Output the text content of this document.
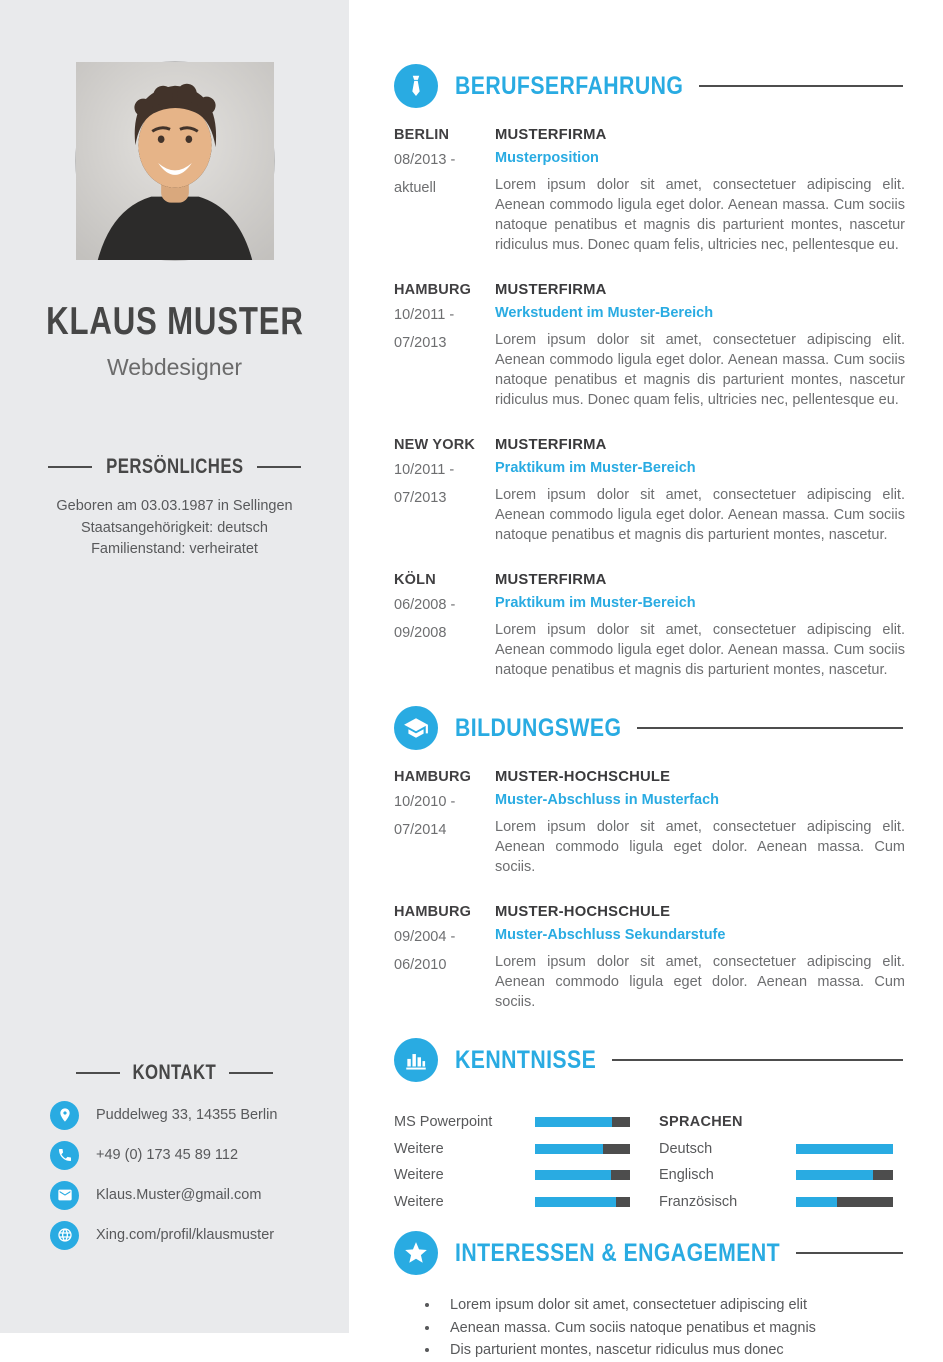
KLAUS MUSTER
Webdesigner
PERSÖNLICHES
Geboren am 03.03.1987 in Sellingen
Staatsangehörigkeit: deutsch
Familienstand: verheiratet
KONTAKT
Puddelweg 33, 14355 Berlin
+49 (0) 173 45 89 112
Klaus.Muster@gmail.com
Xing.com/profil/klausmuster
BERUFSERFAHRUNG
BERLIN
08/2013 -
aktuell
MUSTERFIRMA
Musterposition

Lorem ipsum dolor sit amet, consectetuer adipiscing elit. Aenean commodo ligula eget dolor. Aenean massa. Cum sociis natoque penatibus et magnis dis parturient montes, nascetur ridiculus mus. Donec quam felis, ultricies nec, pellentesque eu.

HAMBURG
10/2011 -
07/2013
MUSTERFIRMA
Werkstudent im Muster-Bereich

Lorem ipsum dolor sit amet, consectetuer adipiscing elit. Aenean commodo ligula eget dolor. Aenean massa. Cum sociis natoque penatibus et magnis dis parturient montes, nascetur ridiculus mus. Donec quam felis, ultricies nec, pellentesque eu.

NEW YORK
10/2011 -
07/2013
MUSTERFIRMA
Praktikum im Muster-Bereich

Lorem ipsum dolor sit amet, consectetuer adipiscing elit. Aenean commodo ligula eget dolor. Aenean massa. Cum sociis natoque penatibus et magnis dis parturient montes, nascetur.

KÖLN
06/2008 -
09/2008
MUSTERFIRMA
Praktikum im Muster-Bereich

Lorem ipsum dolor sit amet, consectetuer adipiscing elit. Aenean commodo ligula eget dolor. Aenean massa. Cum sociis natoque penatibus et magnis dis parturient montes, nascetur.

BILDUNGSWEG
HAMBURG
10/2010 -
07/2014
MUSTER-HOCHSCHULE
Muster-Abschluss in Musterfach

Lorem ipsum dolor sit amet, consectetuer adipiscing elit. Aenean commodo ligula eget dolor. Aenean massa. Cum sociis.

HAMBURG
09/2004 -
06/2010
MUSTER-HOCHSCHULE
Muster-Abschluss Sekundarstufe

Lorem ipsum dolor sit amet, consectetuer adipiscing elit. Aenean commodo ligula eget dolor. Aenean massa. Cum sociis.

KENNTNISSE
MS Powerpoint
Weitere
Weitere
Weitere
SPRACHEN
Deutsch
Englisch
Französisch
INTERESSEN & ENGAGEMENT
• Lorem ipsum dolor sit amet, consectetuer adipiscing elit
• Aenean massa. Cum sociis natoque penatibus et magnis
• Dis parturient montes, nascetur ridiculus mus donec
